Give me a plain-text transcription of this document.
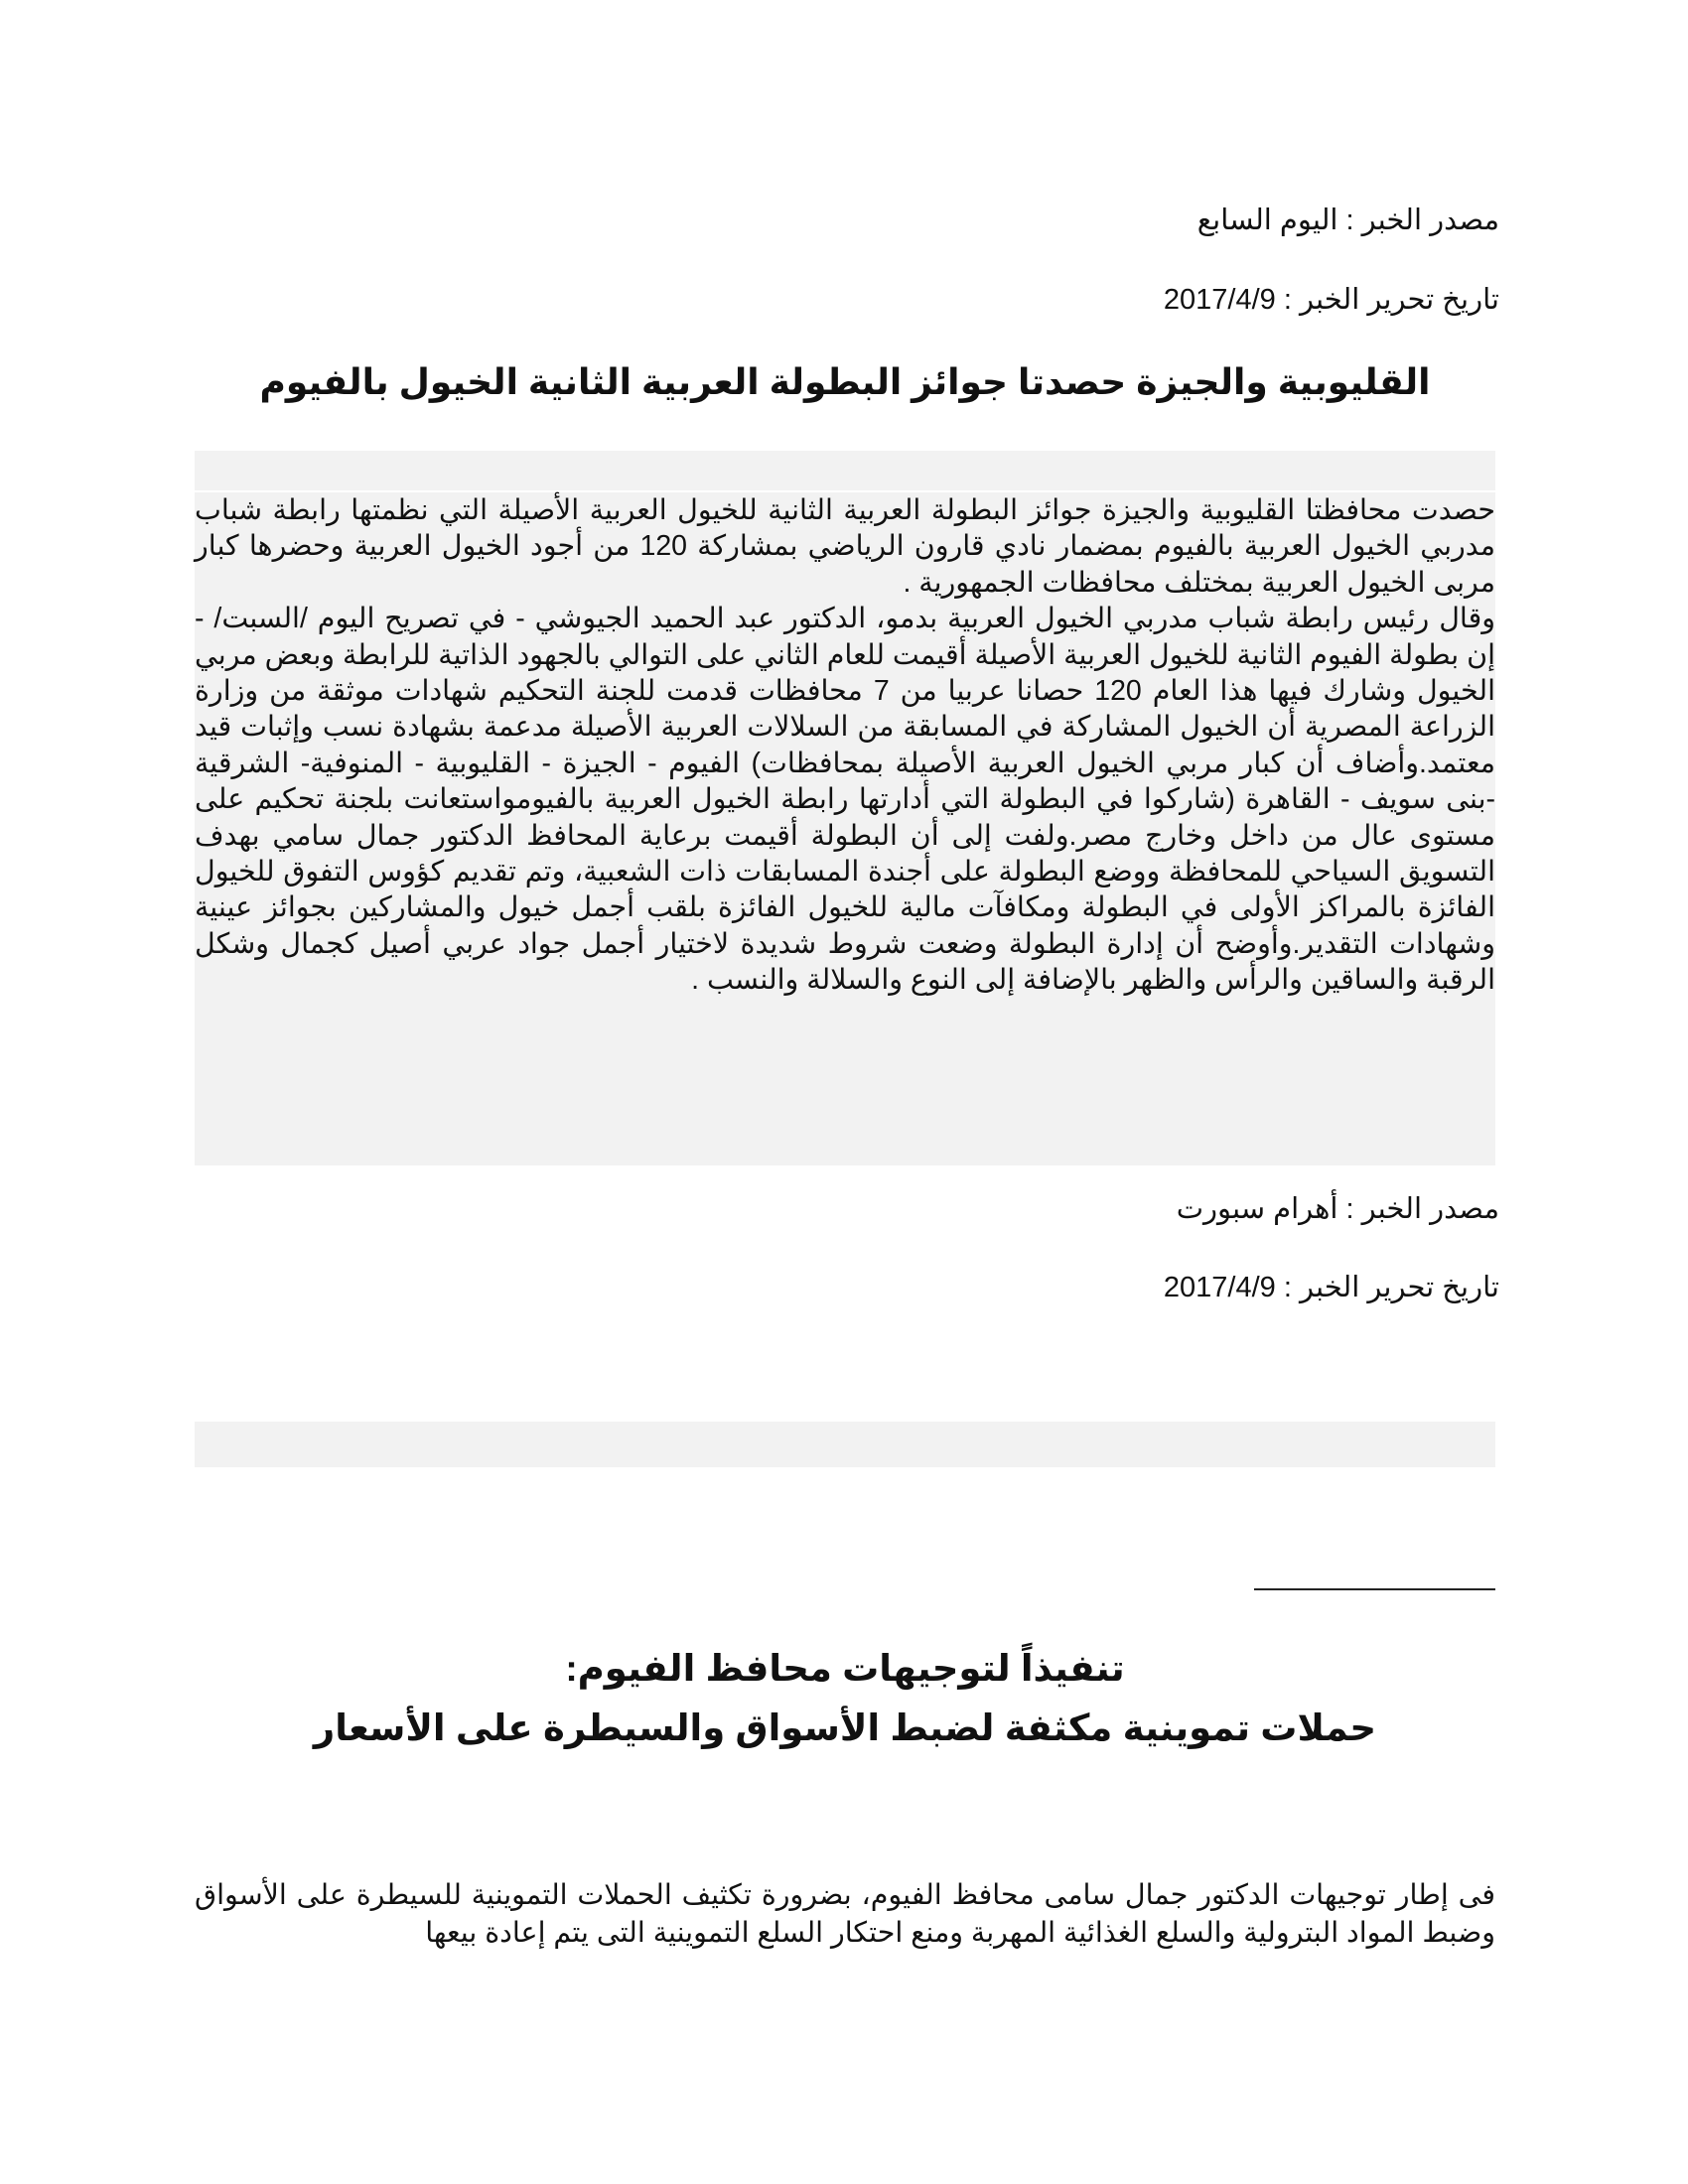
مصدر الخبر : اليوم السابع
تاريخ تحرير الخبر : 2017/4/9
القليوبية والجيزة حصدتا جوائز البطولة العربية الثانية الخيول بالفيوم

حصدت محافظتا القليوبية والجيزة جوائز البطولة العربية الثانية للخيول العربية الأصيلة التي نظمتها رابطة شباب مدربي الخيول العربية بالفيوم بمضمار نادي قارون الرياضي بمشاركة 120 من أجود الخيول العربية وحضرها كبار مربى الخيول العربية بمختلف محافظات الجمهورية .

وقال رئيس رابطة شباب مدربي الخيول العربية بدمو، الدكتور عبد الحميد الجيوشي - في تصريح اليوم /السبت/ - إن بطولة الفيوم الثانية للخيول العربية الأصيلة أقيمت للعام الثاني على التوالي بالجهود الذاتية للرابطة وبعض مربي الخيول وشارك فيها هذا العام 120 حصانا عربيا من 7 محافظات قدمت للجنة التحكيم شهادات موثقة من وزارة الزراعة المصرية أن الخيول المشاركة في المسابقة من السلالات العربية الأصيلة مدعمة بشهادة نسب وإثبات قيد معتمد.وأضاف أن كبار مربي الخيول العربية الأصيلة بمحافظات) الفيوم - الجيزة - القليوبية - المنوفية- الشرقية -بنى سويف - القاهرة (شاركوا في البطولة التي أدارتها رابطة الخيول العربية بالفيومواستعانت بلجنة تحكيم على مستوى عال من داخل وخارج مصر.ولفت إلى أن البطولة أقيمت برعاية المحافظ الدكتور جمال سامي بهدف التسويق السياحي للمحافظة ووضع البطولة على أجندة المسابقات ذات الشعبية، وتم تقديم كؤوس التفوق للخيول الفائزة بالمراكز الأولى في البطولة ومكافآت مالية للخيول الفائزة بلقب أجمل خيول والمشاركين بجوائز عينية وشهادات التقدير.وأوضح أن إدارة البطولة وضعت شروط شديدة لاختيار أجمل جواد عربي أصيل كجمال وشكل الرقبة والساقين والرأس والظهر بالإضافة إلى النوع والسلالة والنسب .

مصدر الخبر : أهرام سبورت
تاريخ تحرير الخبر : 2017/4/9
تنفيذاً لتوجيهات محافظ الفيوم:
حملات تموينية مكثفة لضبط الأسواق والسيطرة على الأسعار
فى إطار توجيهات الدكتور جمال سامى محافظ الفيوم، بضرورة تكثيف الحملات التموينية للسيطرة على الأسواق وضبط المواد البترولية والسلع الغذائية المهربة ومنع احتكار السلع التموينية التى يتم إعادة بيعها
